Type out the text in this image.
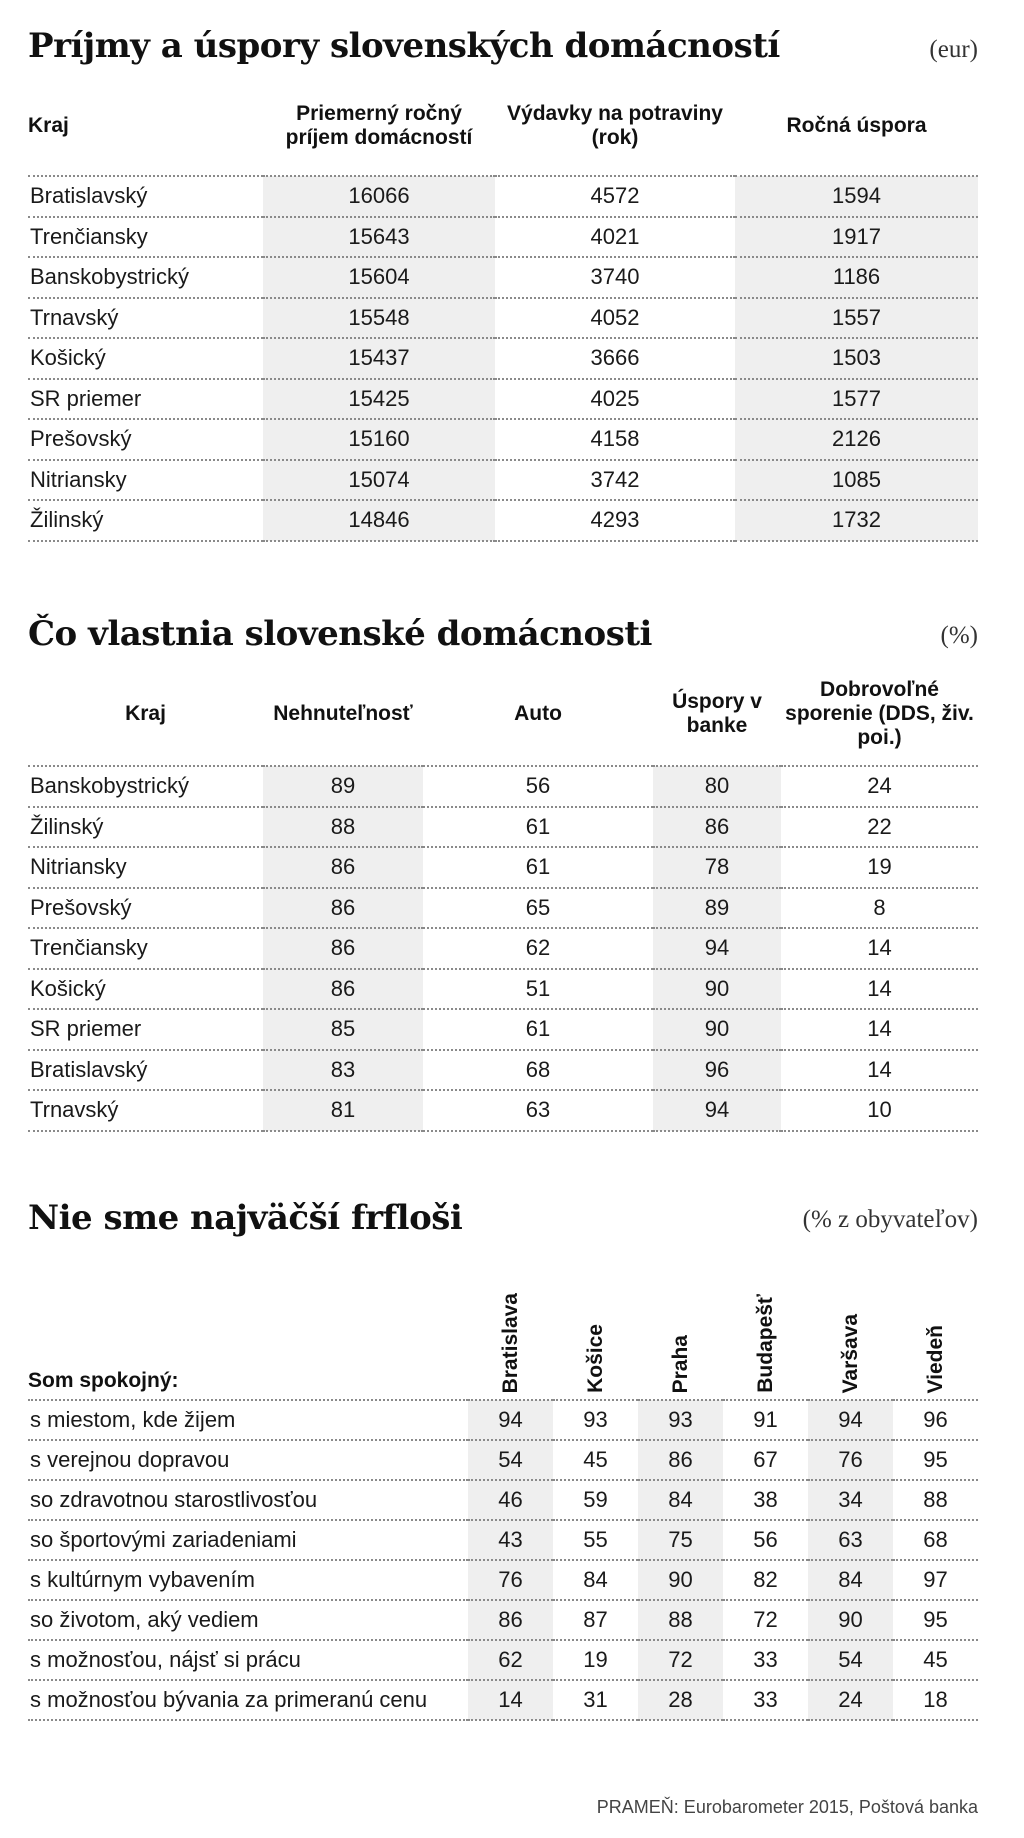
Príjmy a úspory slovenských domácností	(eur)
Kraj	Priemerný ročný príjem domácností	Výdavky na potraviny (rok)	Ročná úspora
Bratislavský	16066	4572	1594
Trenčiansky	15643	4021	1917
Banskobystrický	15604	3740	1186
Trnavský	15548	4052	1557
Košický	15437	3666	1503
SR priemer	15425	4025	1577
Prešovský	15160	4158	2126
Nitriansky	15074	3742	1085
Žilinský	14846	4293	1732
Čo vlastnia slovenské domácnosti	(%)
Kraj	Nehnuteľnosť	Auto	Úspory v banke	Dobrovoľné sporenie (DDS, živ. poi.)
Banskobystrický	89	56	80	24
Žilinský	88	61	86	22
Nitriansky	86	61	78	19
Prešovský	86	65	89	8
Trenčiansky	86	62	94	14
Košický	86	51	90	14
SR priemer	85	61	90	14
Bratislavský	83	68	96	14
Trnavský	81	63	94	10
Nie sme najväčší frfloši	(% z obyvateľov)
Som spokojný:	Bratislava	Košice	Praha	Budapešť	Varšava	Viedeň
s miestom, kde žijem	94	93	93	91	94	96
s verejnou dopravou	54	45	86	67	76	95
so zdravotnou starostlivosťou	46	59	84	38	34	88
so športovými zariadeniami	43	55	75	56	63	68
s kultúrnym vybavením	76	84	90	82	84	97
so životom, aký vediem	86	87	88	72	90	95
s možnosťou, nájsť si prácu	62	19	72	33	54	45
s možnosťou bývania za primeranú cenu	14	31	28	33	24	18
PRAMEŇ: Eurobarometer 2015, Poštová banka
